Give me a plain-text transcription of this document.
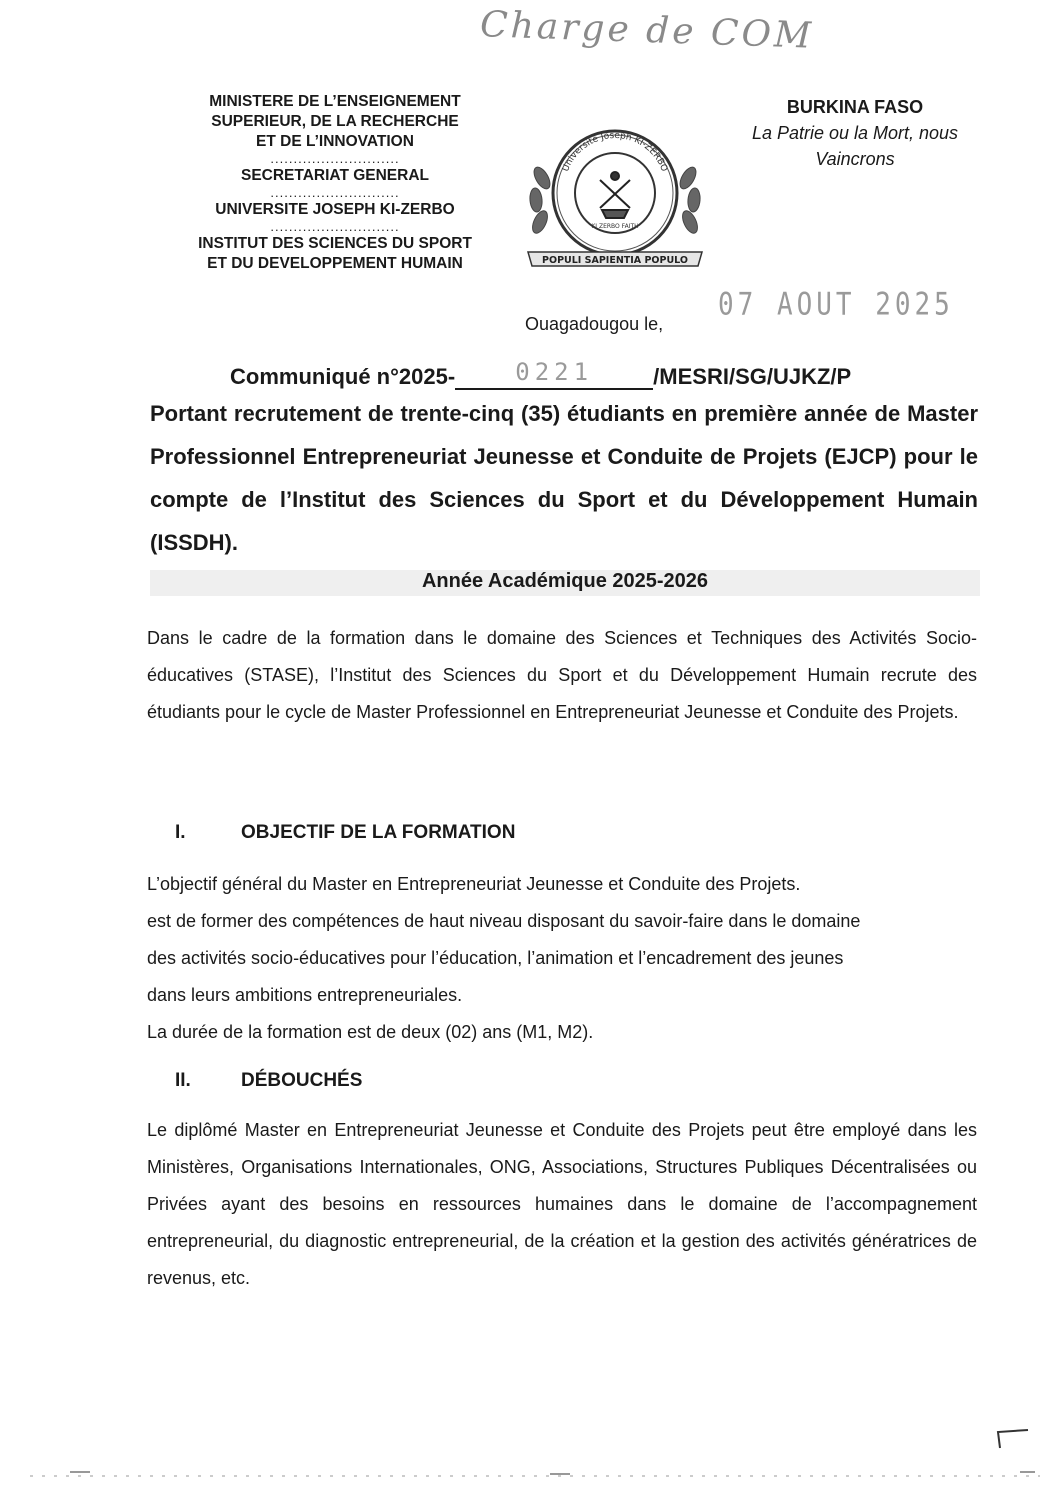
Charge de COM
MINISTERE DE L’ENSEIGNEMENT
SUPERIEUR, DE LA RECHERCHE
ET DE L’INNOVATION
............................
SECRETARIAT GENERAL
............................
UNIVERSITE JOSEPH KI-ZERBO
............................
INSTITUT DES SCIENCES DU SPORT
ET DU DEVELOPPEMENT HUMAIN
Université Joseph KI-ZERBO
KI ZERBO FAITH
POPULI SAPIENTIA POPULO
BURKINA FASO
La Patrie ou la Mort, nous Vaincrons
07 AOUT 2025
Ouagadougou le,
Communiqué n°2025-	0221	/MESRI/SG/UJKZ/P
Portant recrutement de trente-cinq (35) étudiants en première année de Master Professionnel Entrepreneuriat Jeunesse et Conduite de Projets (EJCP) pour le compte de l’Institut des Sciences du Sport et du Développement Humain (ISSDH).
Année Académique 2025-2026
Dans le cadre de la formation dans le domaine des Sciences et Techniques des Activités Socio-éducatives (STASE), l’Institut des Sciences du Sport et du Développement Humain recrute des étudiants pour le cycle de Master Professionnel en Entrepreneuriat Jeunesse et Conduite des Projets.
I.	OBJECTIF DE LA FORMATION
L’objectif général du Master en Entrepreneuriat Jeunesse et Conduite des Projets.
est de former des compétences de haut niveau disposant du savoir-faire dans le domaine
des activités socio-éducatives pour l’éducation, l’animation et l’encadrement des jeunes
dans leurs ambitions entrepreneuriales.
La durée de la formation est de deux (02) ans (M1, M2).
II.	DÉBOUCHÉS
Le diplômé Master en Entrepreneuriat Jeunesse et Conduite des Projets peut être employé dans les Ministères, Organisations Internationales, ONG, Associations, Structures Publiques Décentralisées ou Privées ayant des besoins en ressources humaines dans le domaine de l’accompagnement entrepreneurial, du diagnostic entrepreneurial, de la création et la gestion des activités génératrices de revenus, etc.
